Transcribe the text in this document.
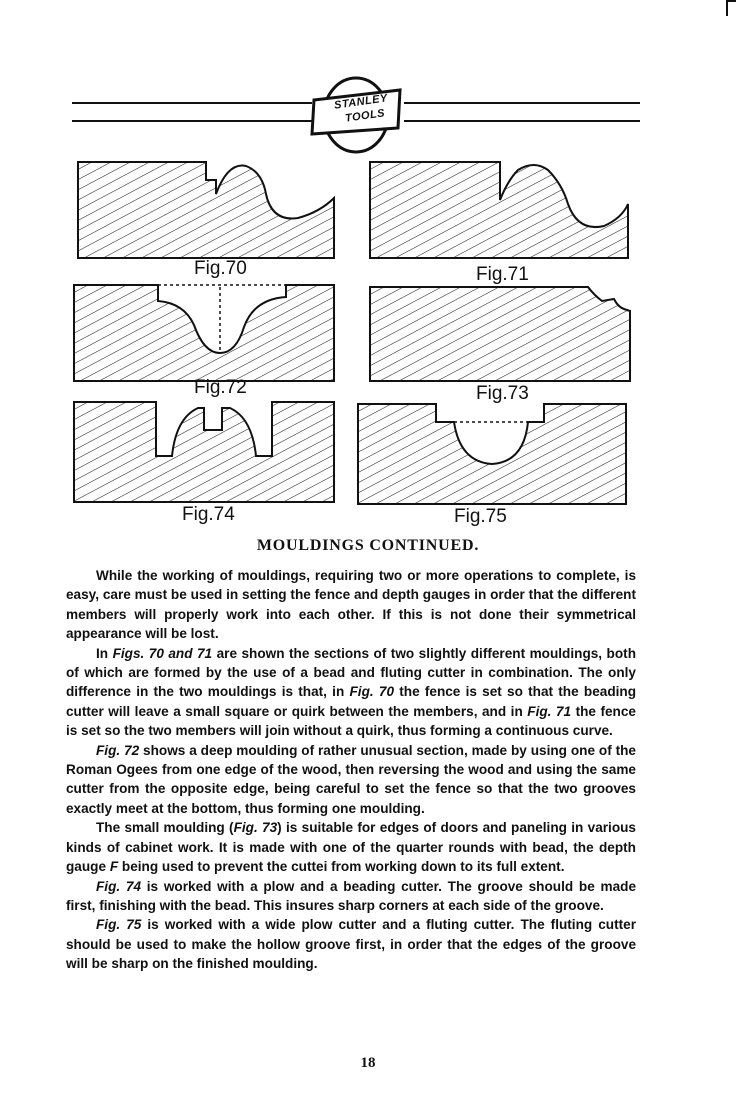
STANLEY
TOOLS
Fig.70	Fig.71
Fig.72	Fig.73
Fig.74	Fig.75
MOULDINGS CONTINUED.

While the working of mouldings, requiring two or more operations to complete, is easy, care must be used in setting the fence and depth gauges in order that the different members will properly work into each other. If this is not done their symmetrical appearance will be lost.

In Figs. 70 and 71 are shown the sections of two slightly different mouldings, both of which are formed by the use of a bead and fluting cutter in combination. The only difference in the two mouldings is that, in Fig. 70 the fence is set so that the beading cutter will leave a small square or quirk between the members, and in Fig. 71 the fence is set so the two members will join without a quirk, thus forming a continuous curve.

Fig. 72 shows a deep moulding of rather unusual section, made by using one of the Roman Ogees from one edge of the wood, then reversing the wood and using the same cutter from the opposite edge, being careful to set the fence so that the two grooves exactly meet at the bottom, thus forming one moulding.

The small moulding (Fig. 73) is suitable for edges of doors and paneling in various kinds of cabinet work. It is made with one of the quarter rounds with bead, the depth gauge F being used to prevent the cuttei from working down to its full extent.

Fig. 74 is worked with a plow and a beading cutter. The groove should be made first, finishing with the bead. This insures sharp corners at each side of the groove.

Fig. 75 is worked with a wide plow cutter and a fluting cutter. The fluting cutter should be used to make the hollow groove first, in order that the edges of the groove will be sharp on the finished moulding.

18
